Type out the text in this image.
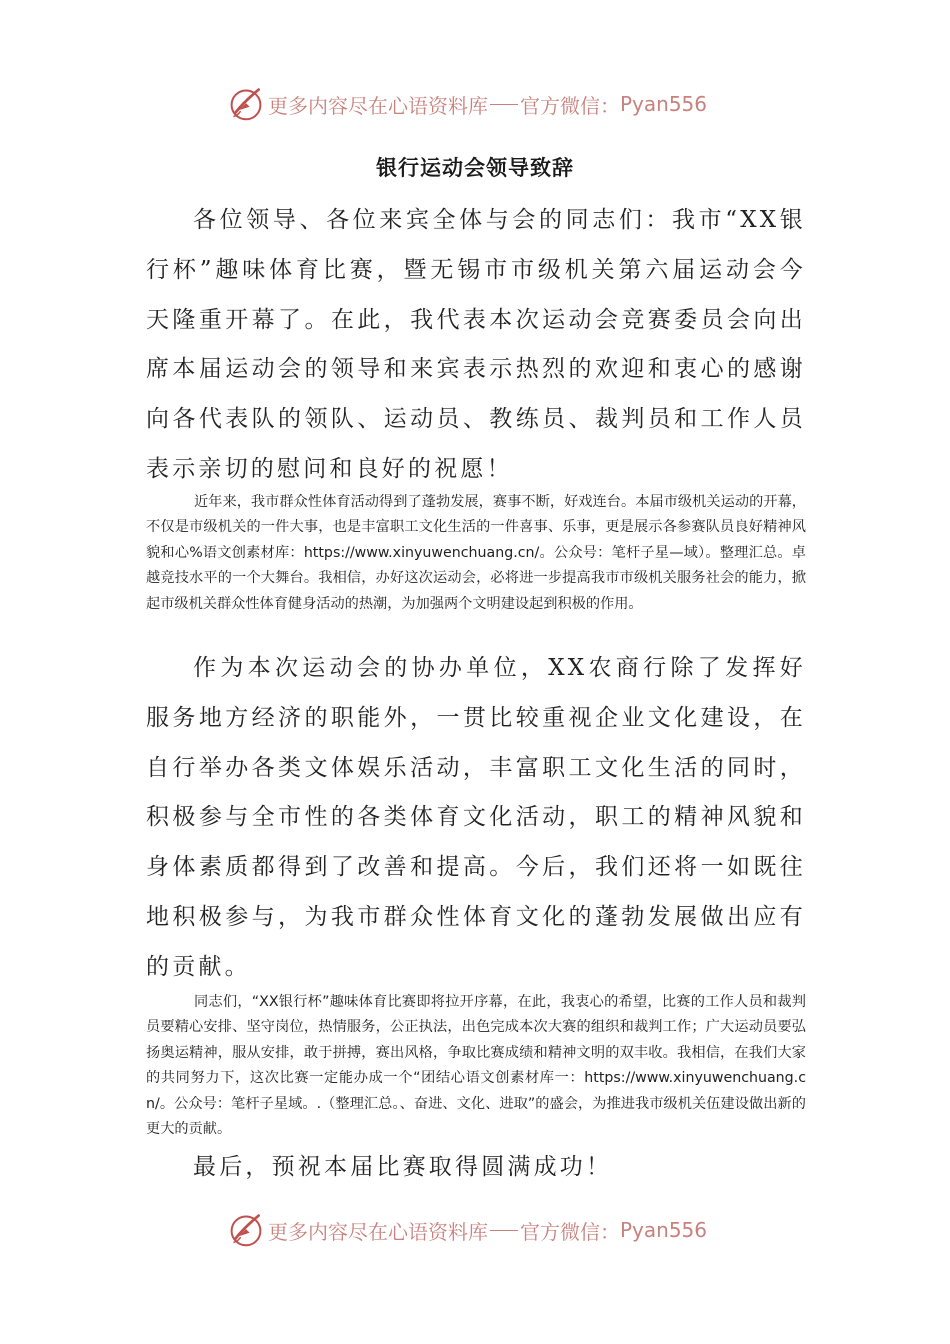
更多内容尽在心语资料库 官方微信： Pyan556
银行运动会领导致辞

各位领导、各位来宾全体与会的同志们：我市“XX银行杯”趣味体育比赛，暨无锡市市级机关第六届运动会今天隆重开幕了。在此，我代表本次运动会竞赛委员会向出席本届运动会的领导和来宾表示热烈的欢迎和衷心的感谢向各代表队的领队、运动员、教练员、裁判员和工作人员表示亲切的慰问和良好的祝愿！

近年来，我市群众性体育活动得到了蓬勃发展，赛事不断，好戏连台。本届市级机关运动的开幕，不仅是市级机关的一件大事，也是丰富职工文化生活的一件喜事、乐事，更是展示各参赛队员良好精神风貌和心%语文创素材库：https://www.xinyuwenchuang.cn/。公众号：笔杆子星—域）。整理汇总。卓越竞技水平的一个大舞台。我相信，办好这次运动会，必将进一步提高我市市级机关服务社会的能力，掀起市级机关群众性体育健身活动的热潮，为加强两个文明建设起到积极的作用。

作为本次运动会的协办单位，XX农商行除了发挥好服务地方经济的职能外，一贯比较重视企业文化建设，在自行举办各类文体娱乐活动，丰富职工文化生活的同时，积极参与全市性的各类体育文化活动，职工的精神风貌和身体素质都得到了改善和提高。今后，我们还将一如既往地积极参与，为我市群众性体育文化的蓬勃发展做出应有的贡献。

同志们，“XX银行杯”趣味体育比赛即将拉开序幕，在此，我衷心的希望，比赛的工作人员和裁判员要精心安排、坚守岗位，热情服务，公正执法，出色完成本次大赛的组织和裁判工作；广大运动员要弘扬奥运精神，服从安排，敢于拼搏，赛出风格，争取比赛成绩和精神文明的双丰收。我相信，在我们大家的共同努力下，这次比赛一定能办成一个“团结心语文创素材库一：https://www.xinyuwenchuang.cn/。公众号：笔杆子星域。.（整理汇总。、奋进、文化、进取”的盛会，为推进我市级机关伍建设做出新的更大的贡献。

最后，预祝本届比赛取得圆满成功！

更多内容尽在心语资料库 官方微信： Pyan556
